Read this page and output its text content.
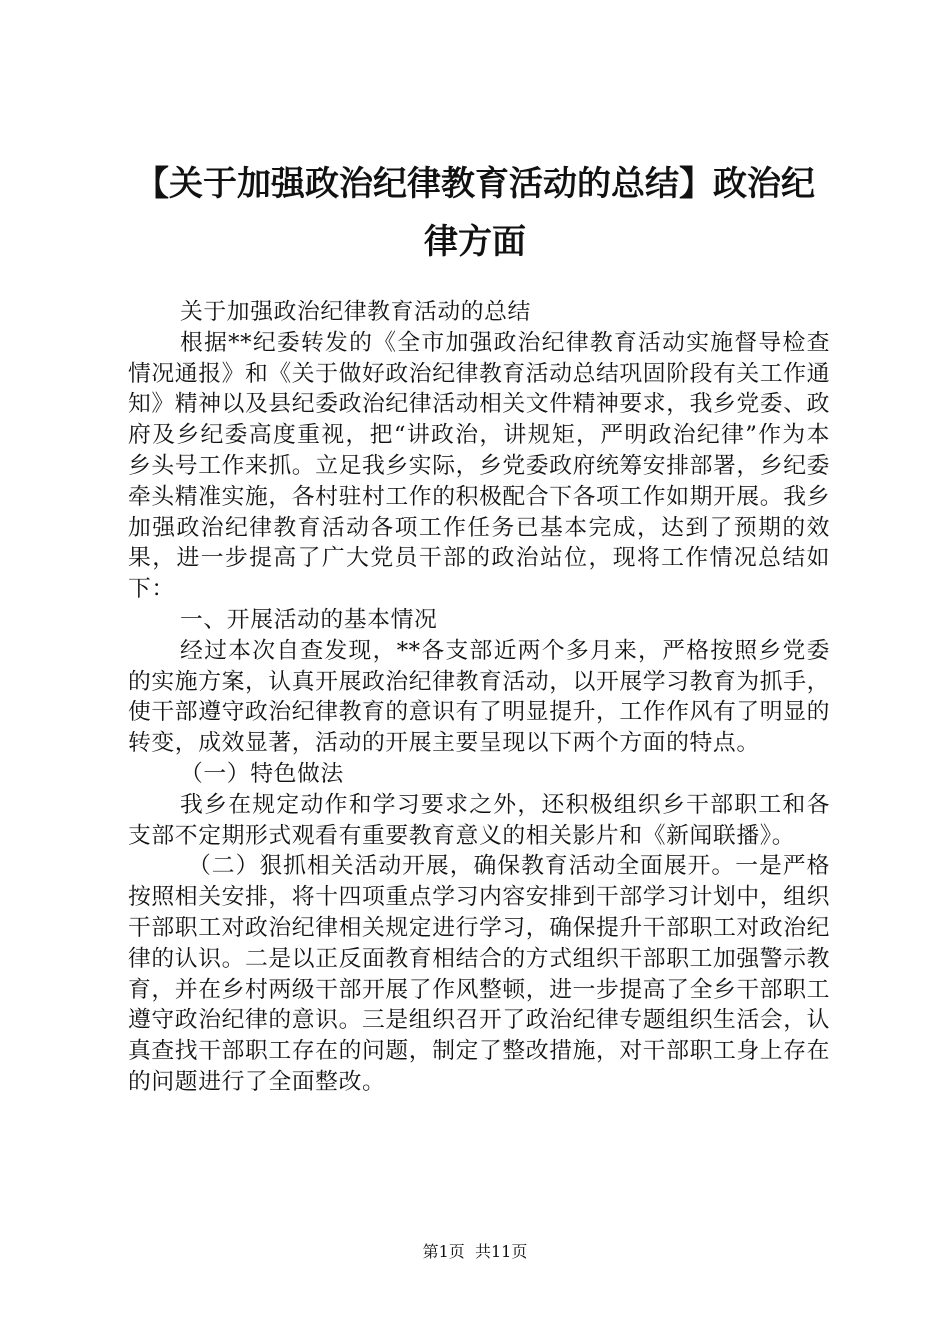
【关于加强政治纪律教育活动的总结】政治纪律方面

关于加强政治纪律教育活动的总结

根据**纪委转发的《全市加强政治纪律教育活动实施督导检查情况通报》和《关于做好政治纪律教育活动总结巩固阶段有关工作通知》精神以及县纪委政治纪律活动相关文件精神要求，我乡党委、政府及乡纪委高度重视，把“讲政治，讲规矩，严明政治纪律”作为本乡头号工作来抓。立足我乡实际，乡党委政府统筹安排部署，乡纪委牵头精准实施，各村驻村工作的积极配合下各项工作如期开展。我乡加强政治纪律教育活动各项工作任务已基本完成，达到了预期的效果，进一步提高了广大党员干部的政治站位，现将工作情况总结如下：

一、开展活动的基本情况

经过本次自查发现，**各支部近两个多月来，严格按照乡党委的实施方案，认真开展政治纪律教育活动，以开展学习教育为抓手，使干部遵守政治纪律教育的意识有了明显提升，工作作风有了明显的转变，成效显著，活动的开展主要呈现以下两个方面的特点。

（一）特色做法

我乡在规定动作和学习要求之外，还积极组织乡干部职工和各支部不定期形式观看有重要教育意义的相关影片和《新闻联播》。

（二）狠抓相关活动开展，确保教育活动全面展开。一是严格按照相关安排，将十四项重点学习内容安排到干部学习计划中，组织干部职工对政治纪律相关规定进行学习，确保提升干部职工对政治纪律的认识。二是以正反面教育相结合的方式组织干部职工加强警示教育，并在乡村两级干部开展了作风整顿，进一步提高了全乡干部职工遵守政治纪律的意识。三是组织召开了政治纪律专题组织生活会，认真查找干部职工存在的问题，制定了整改措施，对干部职工身上存在的问题进行了全面整改。

第1页 共11页
